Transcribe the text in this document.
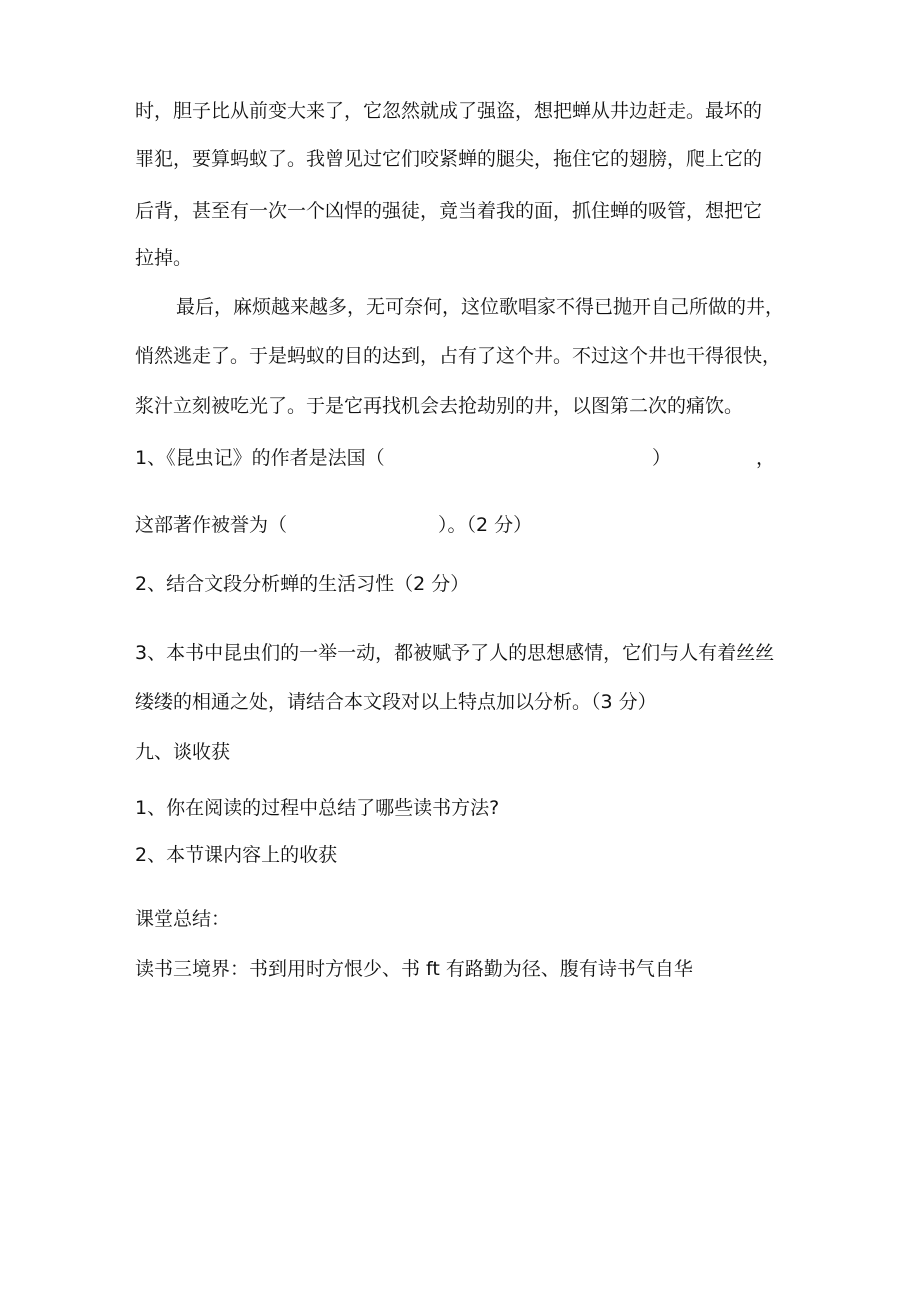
时，胆子比从前变大来了，它忽然就成了强盗，想把蝉从井边赶走。最坏的
罪犯，要算蚂蚁了。我曾见过它们咬紧蝉的腿尖，拖住它的翅膀，爬上它的
后背，甚至有一次一个凶悍的强徒，竟当着我的面，抓住蝉的吸管，想把它
拉掉。
最后，麻烦越来越多，无可奈何，这位歌唱家不得已抛开自己所做的井，
悄然逃走了。于是蚂蚁的目的达到，占有了这个井。不过这个井也干得很快，
浆汁立刻被吃光了。于是它再找机会去抢劫别的井，以图第二次的痛饮。
1、《昆虫记》的作者是法国（	）	，
这部著作被誉为（	）。（2 分）
2、结合文段分析蝉的生活习性（2 分）
3、本书中昆虫们的一举一动，都被赋予了人的思想感情，它们与人有着丝丝
缕缕的相通之处，请结合本文段对以上特点加以分析。（3 分）
九、谈收获
1、你在阅读的过程中总结了哪些读书方法?
2、本节课内容上的收获
课堂总结：
读书三境界：书到用时方恨少、书 ft 有路勤为径、腹有诗书气自华
